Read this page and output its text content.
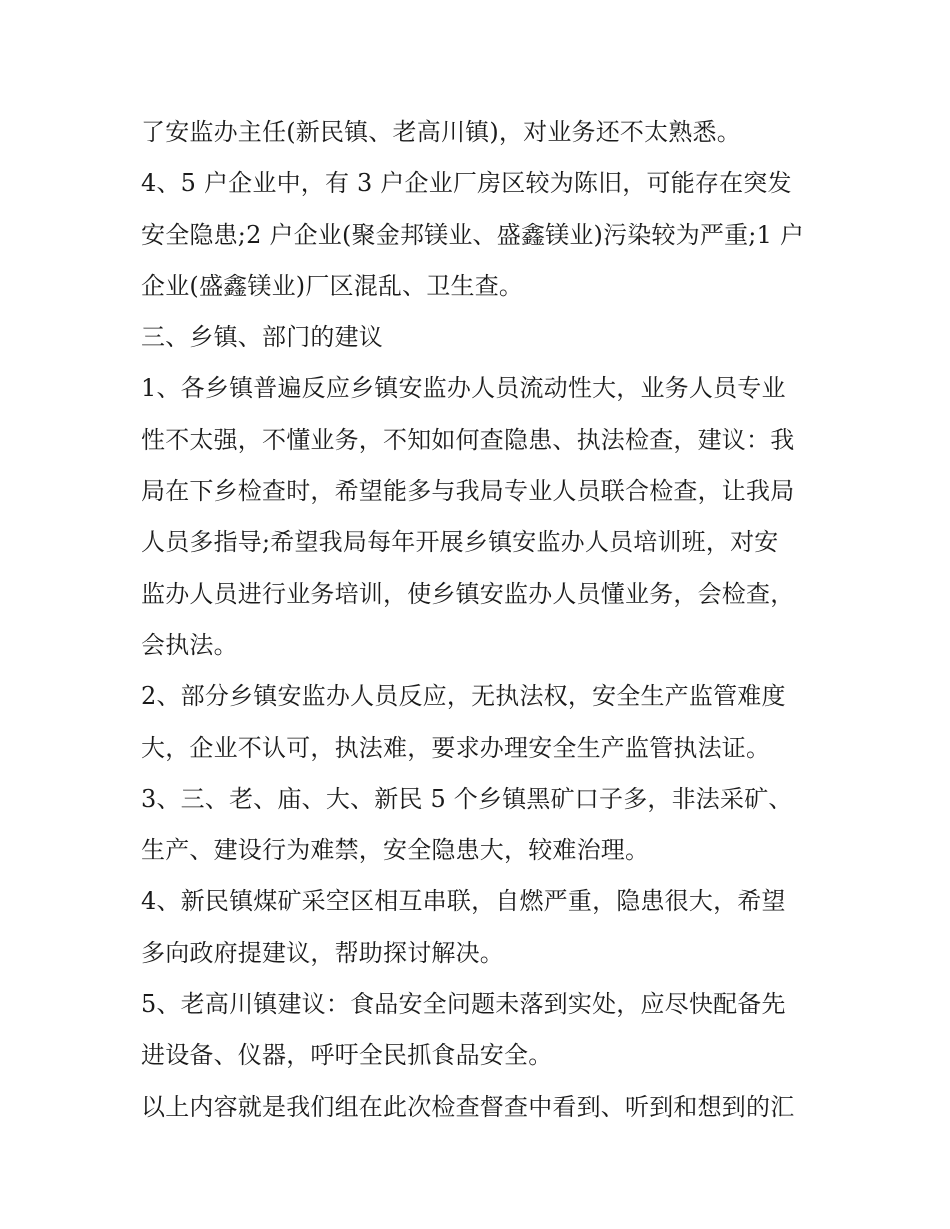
了安监办主任(新民镇、老高川镇)，对业务还不太熟悉。
4、5 户企业中，有 3 户企业厂房区较为陈旧，可能存在突发
安全隐患;2 户企业(聚金邦镁业、盛鑫镁业)污染较为严重;1 户
企业(盛鑫镁业)厂区混乱、卫生查。
三、乡镇、部门的建议
1、各乡镇普遍反应乡镇安监办人员流动性大，业务人员专业
性不太强，不懂业务，不知如何查隐患、执法检查，建议：我
局在下乡检查时，希望能多与我局专业人员联合检查，让我局
人员多指导;希望我局每年开展乡镇安监办人员培训班，对安
监办人员进行业务培训，使乡镇安监办人员懂业务，会检查，
会执法。
2、部分乡镇安监办人员反应，无执法权，安全生产监管难度
大，企业不认可，执法难，要求办理安全生产监管执法证。
3、三、老、庙、大、新民 5 个乡镇黑矿口子多，非法采矿、
生产、建设行为难禁，安全隐患大，较难治理。
4、新民镇煤矿采空区相互串联，自燃严重，隐患很大，希望
多向政府提建议，帮助探讨解决。
5、老高川镇建议：食品安全问题未落到实处，应尽快配备先
进设备、仪器，呼吁全民抓食品安全。
以上内容就是我们组在此次检查督查中看到、听到和想到的汇
